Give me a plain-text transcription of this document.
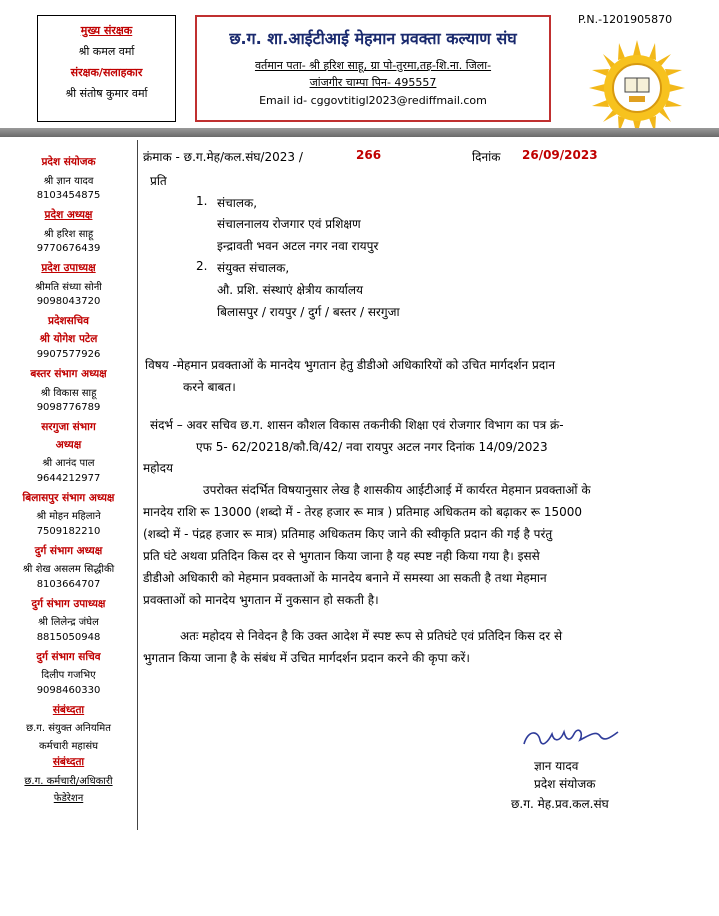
मुख्य संरक्षक
श्री कमल वर्मा
संरक्षक/सलाहकार
श्री संतोष कुमार वर्मा
छ.ग. शा.आईटीआई मेहमान प्रवक्ता कल्याण संघ
वर्तमान पता- श्री हरिश साहू, ग्रा पो-तुरमा,तह-शि.ना. जिला-
जांजगीर चाम्पा पिन- 495557
Email id- cggovtitigl2023@rediffmail.com
P.N.-1201905870
प्रदेश संयोजक
श्री ज्ञान यादव
8103454875
प्रदेश अध्यक्ष
श्री हरिश साहू
9770676439
प्रदेश उपाध्यक्ष
श्रीमति संध्या सोनी
9098043720
प्रदेशसचिव
श्री योगेश पटेल
9907577926
बस्तर संभाग अध्यक्ष
श्री विकास साहू
9098776789
सरगुजा संभाग
अध्यक्ष
श्री आनंद पाल
9644212977
बिलासपुर संभाग अध्यक्ष
श्री मोहन महिलाने
7509182210
दुर्ग संभाग अध्यक्ष
श्री शेख असलम सिद्धीकी
8103664707
दुर्ग संभाग उपाध्यक्ष
श्री लिलेन्द्र जंघेल
8815050948
दुर्ग संभाग सचिव
दिलीप गजभिए
9098460330
संबंध्दता
छ.ग. संयुक्त अनियमित
कर्मचारी महासंघ
संबंध्दता
छ.ग. कर्मचारी/अधिकारी
फेडेरेशन
क्रंमाक - छ.ग.मेह/कल.संघ/2023 /	266	दिनांक 26/09/2023
प्रति
1. संचालक,
संचालनालय रोजगार एवं प्रशिक्षण
इन्द्रावती भवन अटल नगर नवा रायपुर
2. संयुक्त संचालक,
औ. प्रशि. संस्थाएं क्षेत्रीय कार्यालय
बिलासपुर / रायपुर / दुर्ग / बस्तर / सरगुजा
विषय -मेहमान प्रवक्ताओं के मानदेय भुगतान हेतु डीडीओ अधिकारियों को उचित मार्गदर्शन प्रदान
करने बाबत।
संदर्भ – अवर सचिव छ.ग. शासन कौशल विकास तकनीकी शिक्षा एवं रोजगार विभाग का पत्र क्रं-
एफ 5- 62/20218/कौ.वि/42/ नवा रायपुर अटल नगर दिनांक 14/09/2023
महोदय
उपरोक्त संदर्भित विषयानुसार लेख है शासकीय आईटीआई में कार्यरत मेहमान प्रवक्ताओं के
मानदेय राशि रू 13000 (शब्दो में - तेरह हजार रू मात्र ) प्रतिमाह अधिकतम को बढ़ाकर रू 15000
(शब्दो में - पंद्रह हजार रू मात्र) प्रतिमाह अधिकतम किए जाने की स्वीकृति प्रदान की गई है परंतु
प्रति घंटे अथवा प्रतिदिन किस दर से भुगतान किया जाना है यह स्पष्ट नही किया गया है। इससे
डीडीओ अधिकारी को मेहमान प्रवक्ताओं के मानदेय बनाने में समस्या आ सकती है तथा मेहमान
प्रवक्ताओं को मानदेय भुगतान में नुकसान हो सकती है।
अतः महोदय से निवेदन है कि उक्त आदेश में स्पष्ट रूप से प्रतिघंटे एवं प्रतिदिन किस दर से
भुगतान किया जाना है के संबंध में उचित मार्गदर्शन प्रदान करने की कृपा करें।
ज्ञान यादव
प्रदेश संयोजक
छ.ग. मेह.प्रव.कल.संघ
